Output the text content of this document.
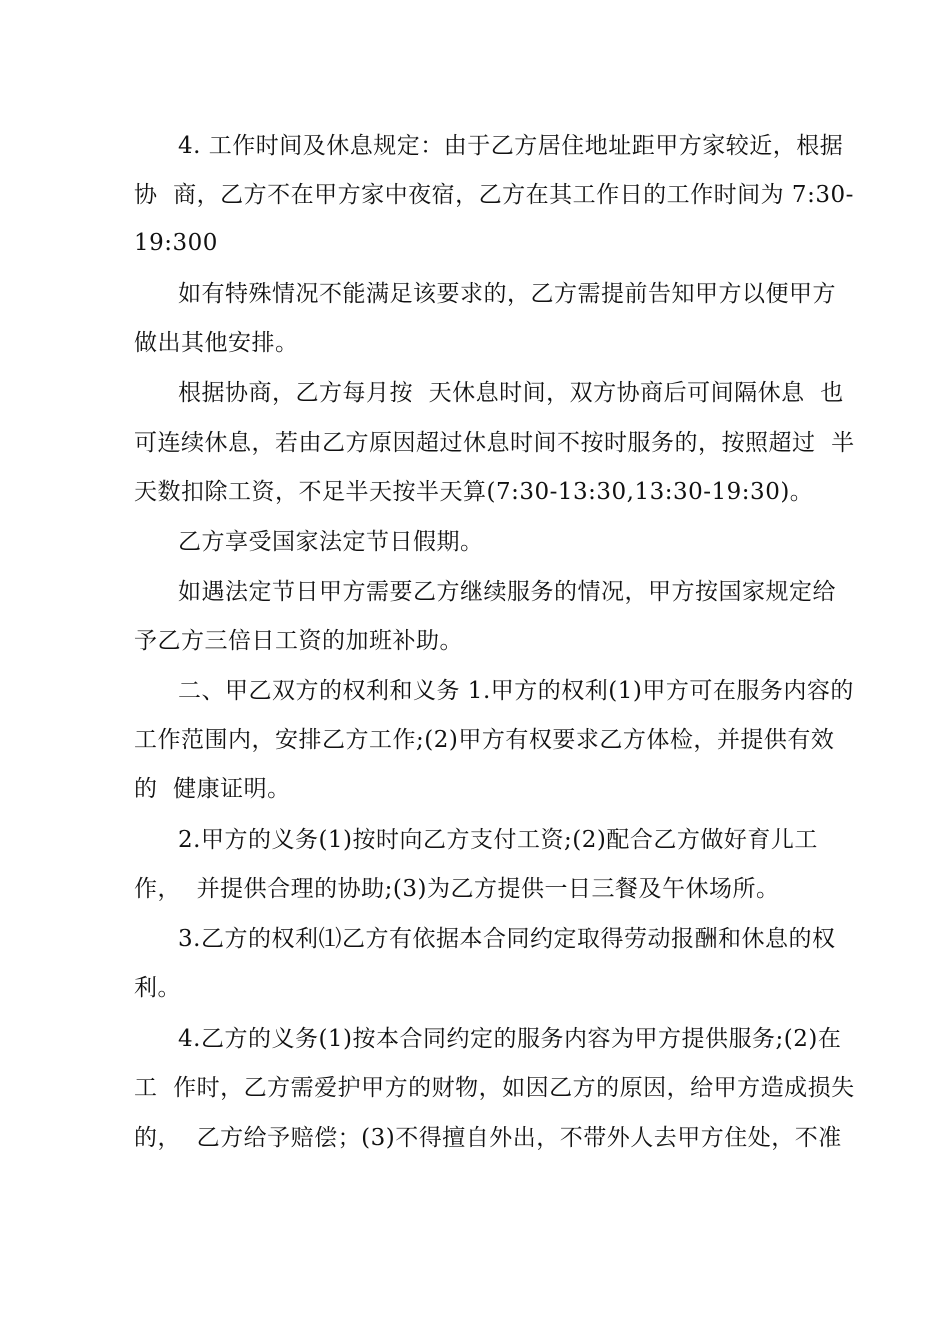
4. 工作时间及休息规定：由于乙方居住地址距甲方家较近，根据
协  商，乙方不在甲方家中夜宿，乙方在其工作日的工作时间为 7:30-
19:300
如有特殊情况不能满足该要求的，乙方需提前告知甲方以便甲方
做出其他安排。
根据协商，乙方每月按  天休息时间，双方协商后可间隔休息  也
可连续休息，若由乙方原因超过休息时间不按时服务的，按照超过  半
天数扣除工资，不足半天按半天算(7:30-13:30,13:30-19:30)。
乙方享受国家法定节日假期。
如遇法定节日甲方需要乙方继续服务的情况，甲方按国家规定给
予乙方三倍日工资的加班补助。
二、甲乙双方的权利和义务 1.甲方的权利(1)甲方可在服务内容的
工作范围内，安排乙方工作;(2)甲方有权要求乙方体检，并提供有效
的  健康证明。
2.甲方的义务(1)按时向乙方支付工资;(2)配合乙方做好育儿工
作，  并提供合理的协助;(3)为乙方提供一日三餐及午休场所。
3.乙方的权利⑴乙方有依据本合同约定取得劳动报酬和休息的权
利。
4.乙方的义务(1)按本合同约定的服务内容为甲方提供服务;(2)在
工  作时，乙方需爱护甲方的财物，如因乙方的原因，给甲方造成损失
的，  乙方给予赔偿；(3)不得擅自外出，不带外人去甲方住处，不准
